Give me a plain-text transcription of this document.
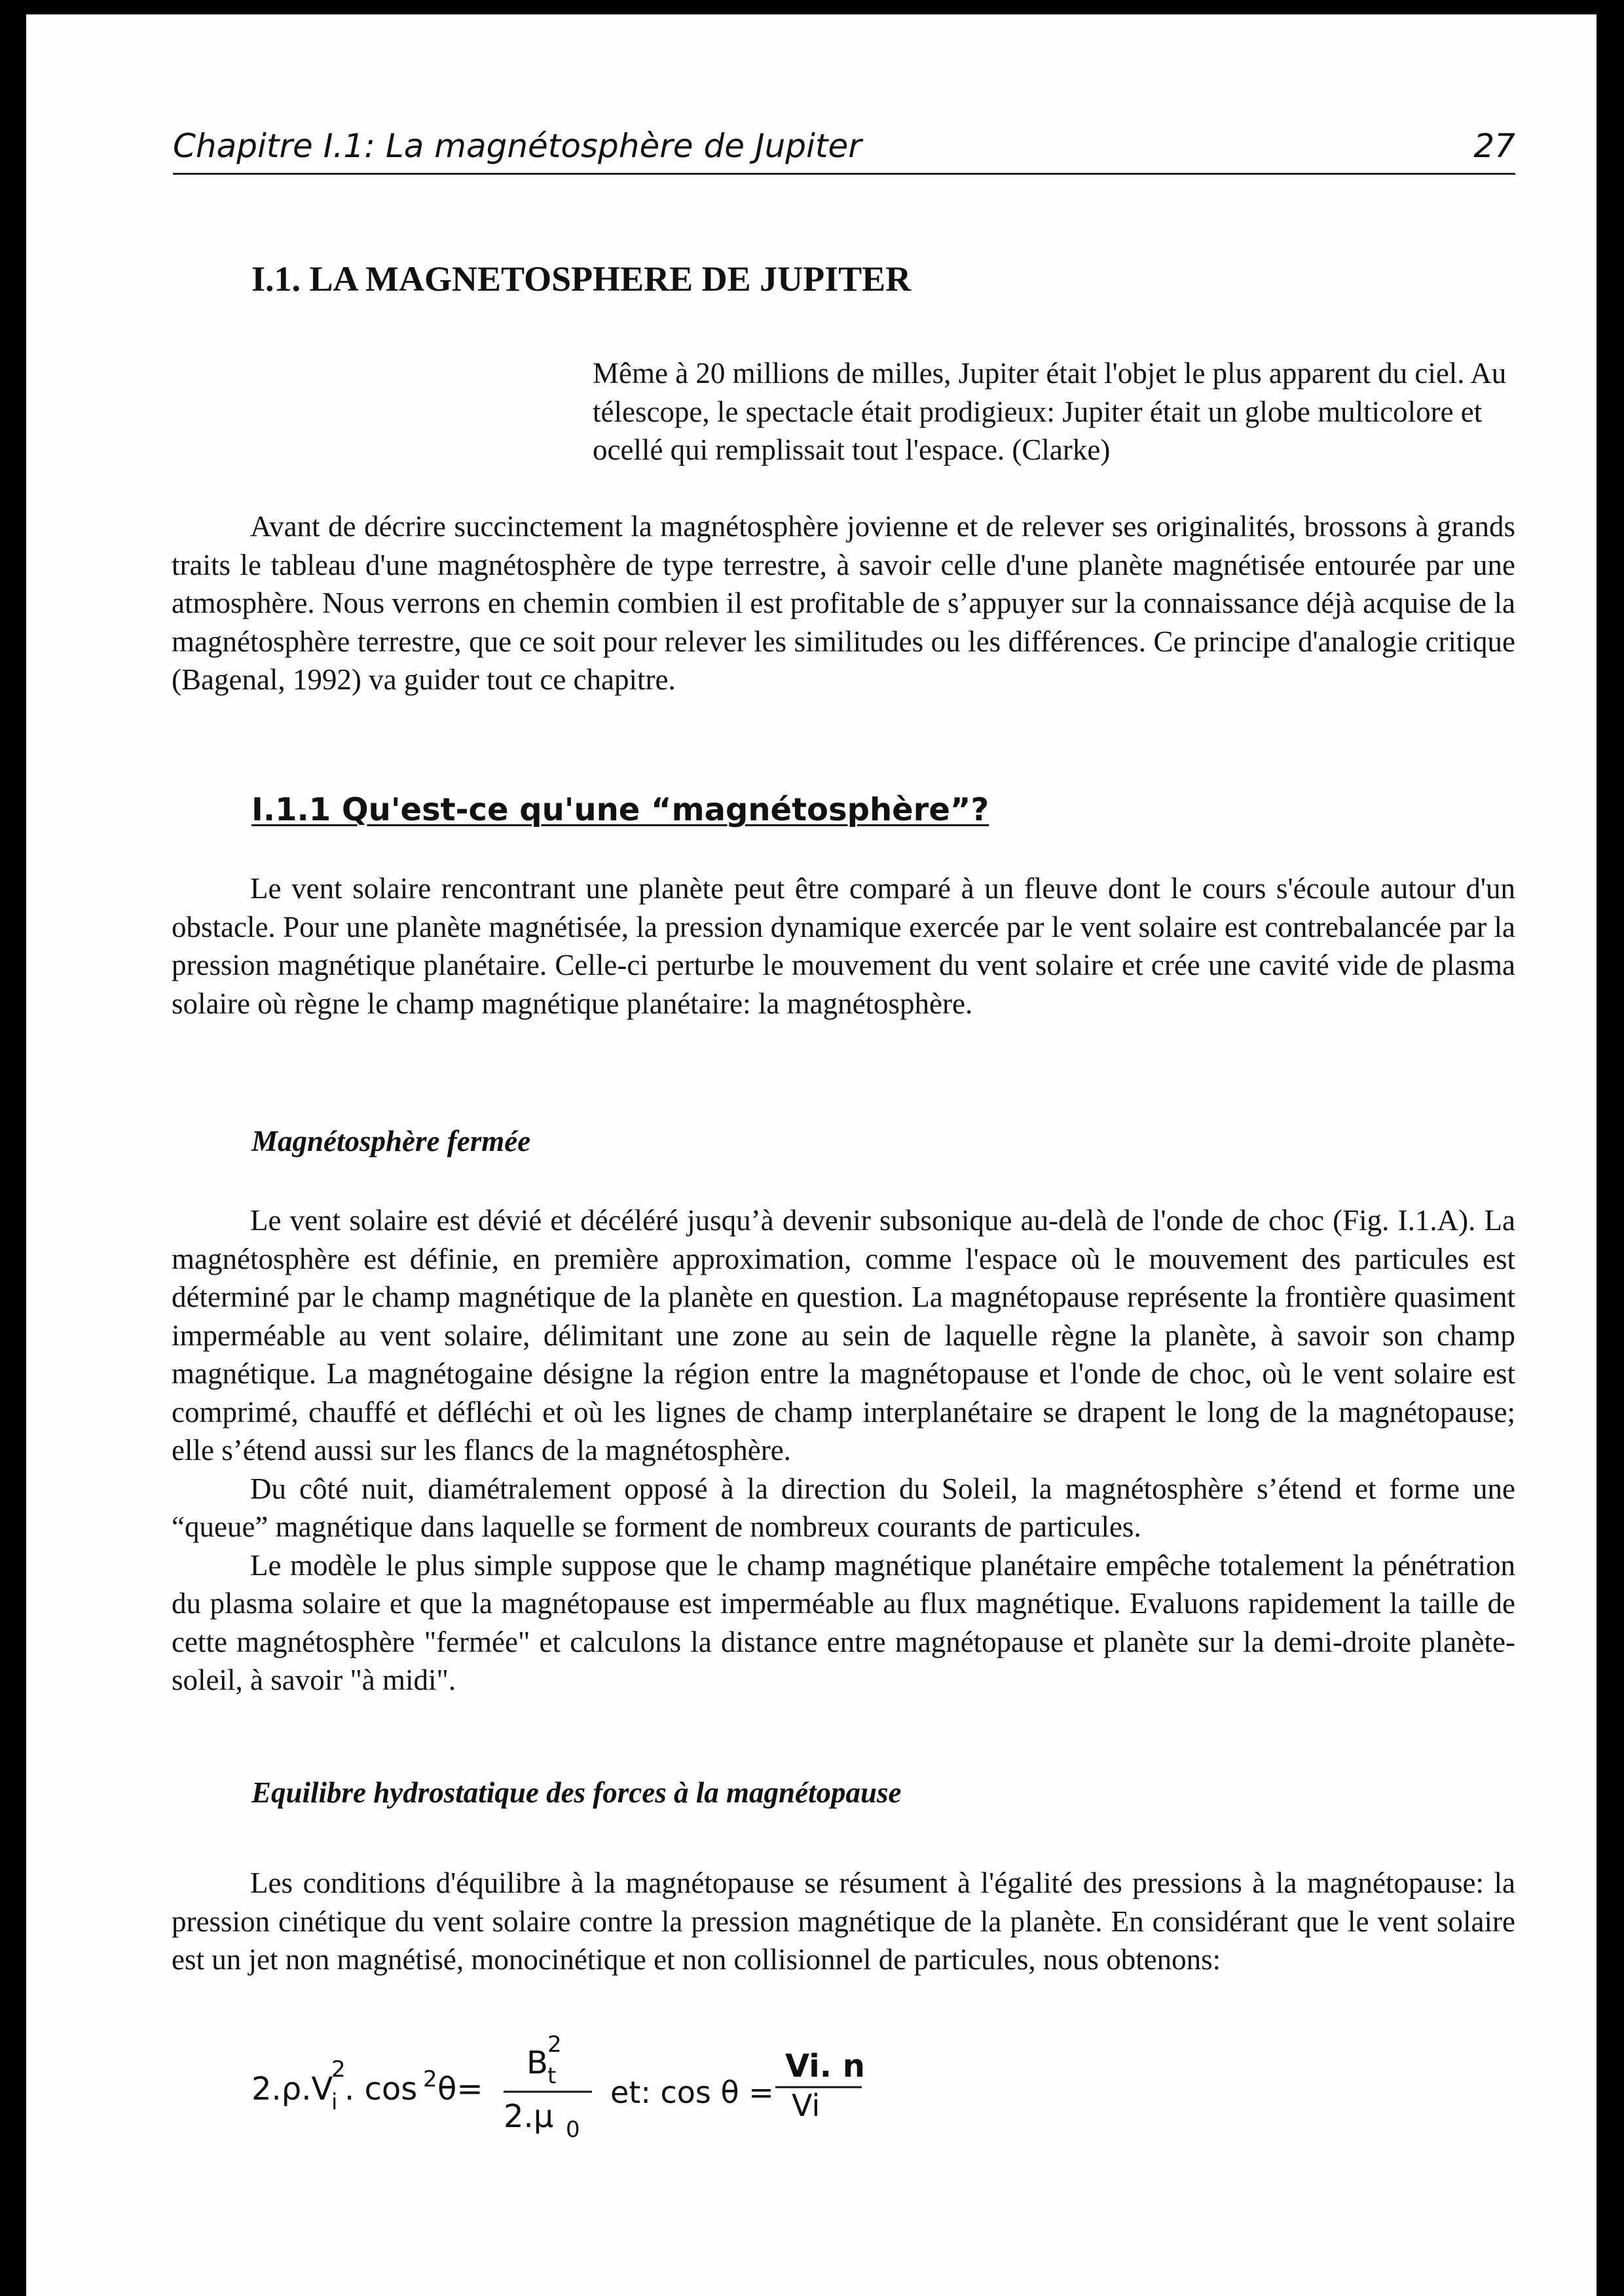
Chapitre I.1: La magnétosphère de Jupiter	27
I.1. LA MAGNETOSPHERE DE JUPITER

Même à 20 millions de milles, Jupiter était l'objet le plus apparent du ciel. Au télescope, le spectacle était prodigieux: Jupiter était un globe multicolore et ocellé qui remplissait tout l'espace. (Clarke)

Avant de décrire succinctement la magnétosphère jovienne et de relever ses originalités, brossons à grands traits le tableau d'une magnétosphère de type terrestre, à savoir celle d'une planète magnétisée entourée par une atmosphère. Nous verrons en chemin combien il est profitable de s’appuyer sur la connaissance déjà acquise de la magnétosphère terrestre, que ce soit pour relever les similitudes ou les différences. Ce principe d'analogie critique (Bagenal, 1992) va guider tout ce chapitre.

I.1.1 Qu'est-ce qu'une “magnétosphère”?

Le vent solaire rencontrant une planète peut être comparé à un fleuve dont le cours s'écoule autour d'un obstacle. Pour une planète magnétisée, la pression dynamique exercée par le vent solaire est contrebalancée par la pression magnétique planétaire. Celle-ci perturbe le mouvement du vent solaire et crée une cavité vide de plasma solaire où règne le champ magnétique planétaire: la magnétosphère.

Magnétosphère fermée

Le vent solaire est dévié et décéléré jusqu’à devenir subsonique au-delà de l'onde de choc (Fig. I.1.A). La magnétosphère est définie, en première approximation, comme l'espace où le mouvement des particules est déterminé par le champ magnétique de la planète en question. La magnétopause représente la frontière quasiment imperméable au vent solaire, délimitant une zone au sein de laquelle règne la planète, à savoir son champ magnétique. La magnétogaine désigne la région entre la magnétopause et l'onde de choc, où le vent solaire est comprimé, chauffé et défléchi et où les lignes de champ interplanétaire se drapent le long de la magnétopause; elle s’étend aussi sur les flancs de la magnétosphère.
Du côté nuit, diamétralement opposé à la direction du Soleil, la magnétosphère s’étend et forme une “queue” magnétique dans laquelle se forment de nombreux courants de particules.
Le modèle le plus simple suppose que le champ magnétique planétaire empêche totalement la pénétration du plasma solaire et que la magnétopause est imperméable au flux magnétique. Evaluons rapidement la taille de cette magnétosphère "fermée" et calculons la distance entre magnétopause et planète sur la demi-droite planète-soleil, à savoir "à midi".

Equilibre hydrostatique des forces à la magnétopause

Les conditions d'équilibre à la magnétopause se résument à l'égalité des pressions à la magnétopause: la pression cinétique du vent solaire contre la pression magnétique de la planète. En considérant que le vent solaire est un jet non magnétisé, monocinétique et non collisionnel de particules, nous obtenons:

2.ρ.V
i
2
. cos 2 θ=
B t
2
2.μ 0
et: cos θ =
Vi. n
Vi
